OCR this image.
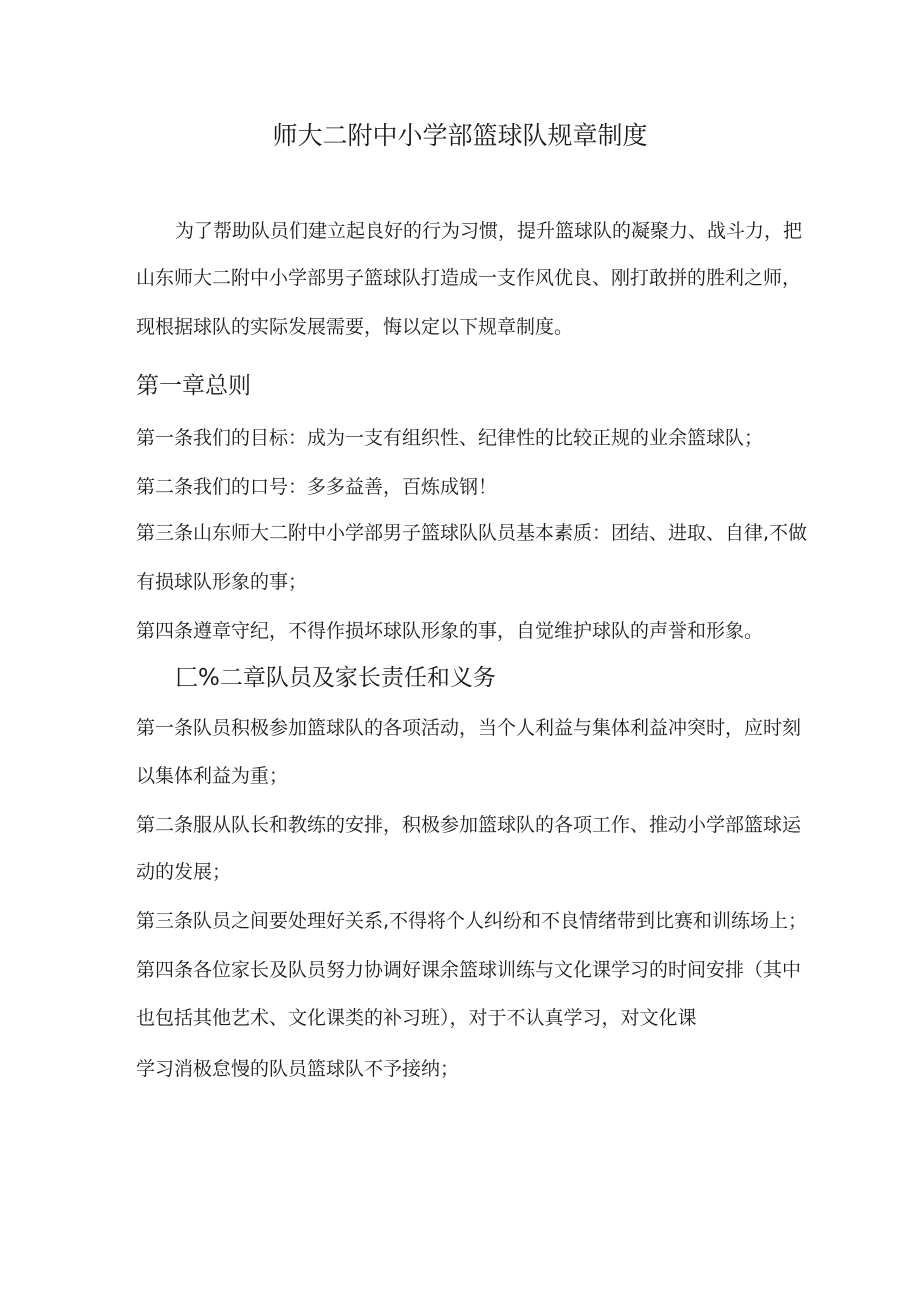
师大二附中小学部篮球队规章制度
为了帮助队员们建立起良好的行为习惯，提升篮球队的凝聚力、战斗力，把
山东师大二附中小学部男子篮球队打造成一支作风优良、刚打敢拼的胜利之师，
现根据球队的实际发展需要，悔以定以下规章制度。
第一章总则
第一条我们的目标：成为一支有组织性、纪律性的比较正规的业余篮球队；
第二条我们的口号：多多益善，百炼成钢！
第三条山东师大二附中小学部男子篮球队队员基本素质：团结、进取、自律,不做
有损球队形象的事；
第四条遵章守纪，不得作损坏球队形象的事，自觉维护球队的声誉和形象。
匚%二章队员及家长责任和义务
第一条队员积极参加篮球队的各项活动，当个人利益与集体利益冲突时，应时刻
以集体利益为重；
第二条服从队长和教练的安排，积极参加篮球队的各项工作、推动小学部篮球运
动的发展；
第三条队员之间要处理好关系,不得将个人纠纷和不良情绪带到比赛和训练场上；
第四条各位家长及队员努力协调好课余篮球训练与文化课学习的时间安排（其中
也包括其他艺术、文化课类的补习班），对于不认真学习，对文化课
学习消极怠慢的队员篮球队不予接纳；
